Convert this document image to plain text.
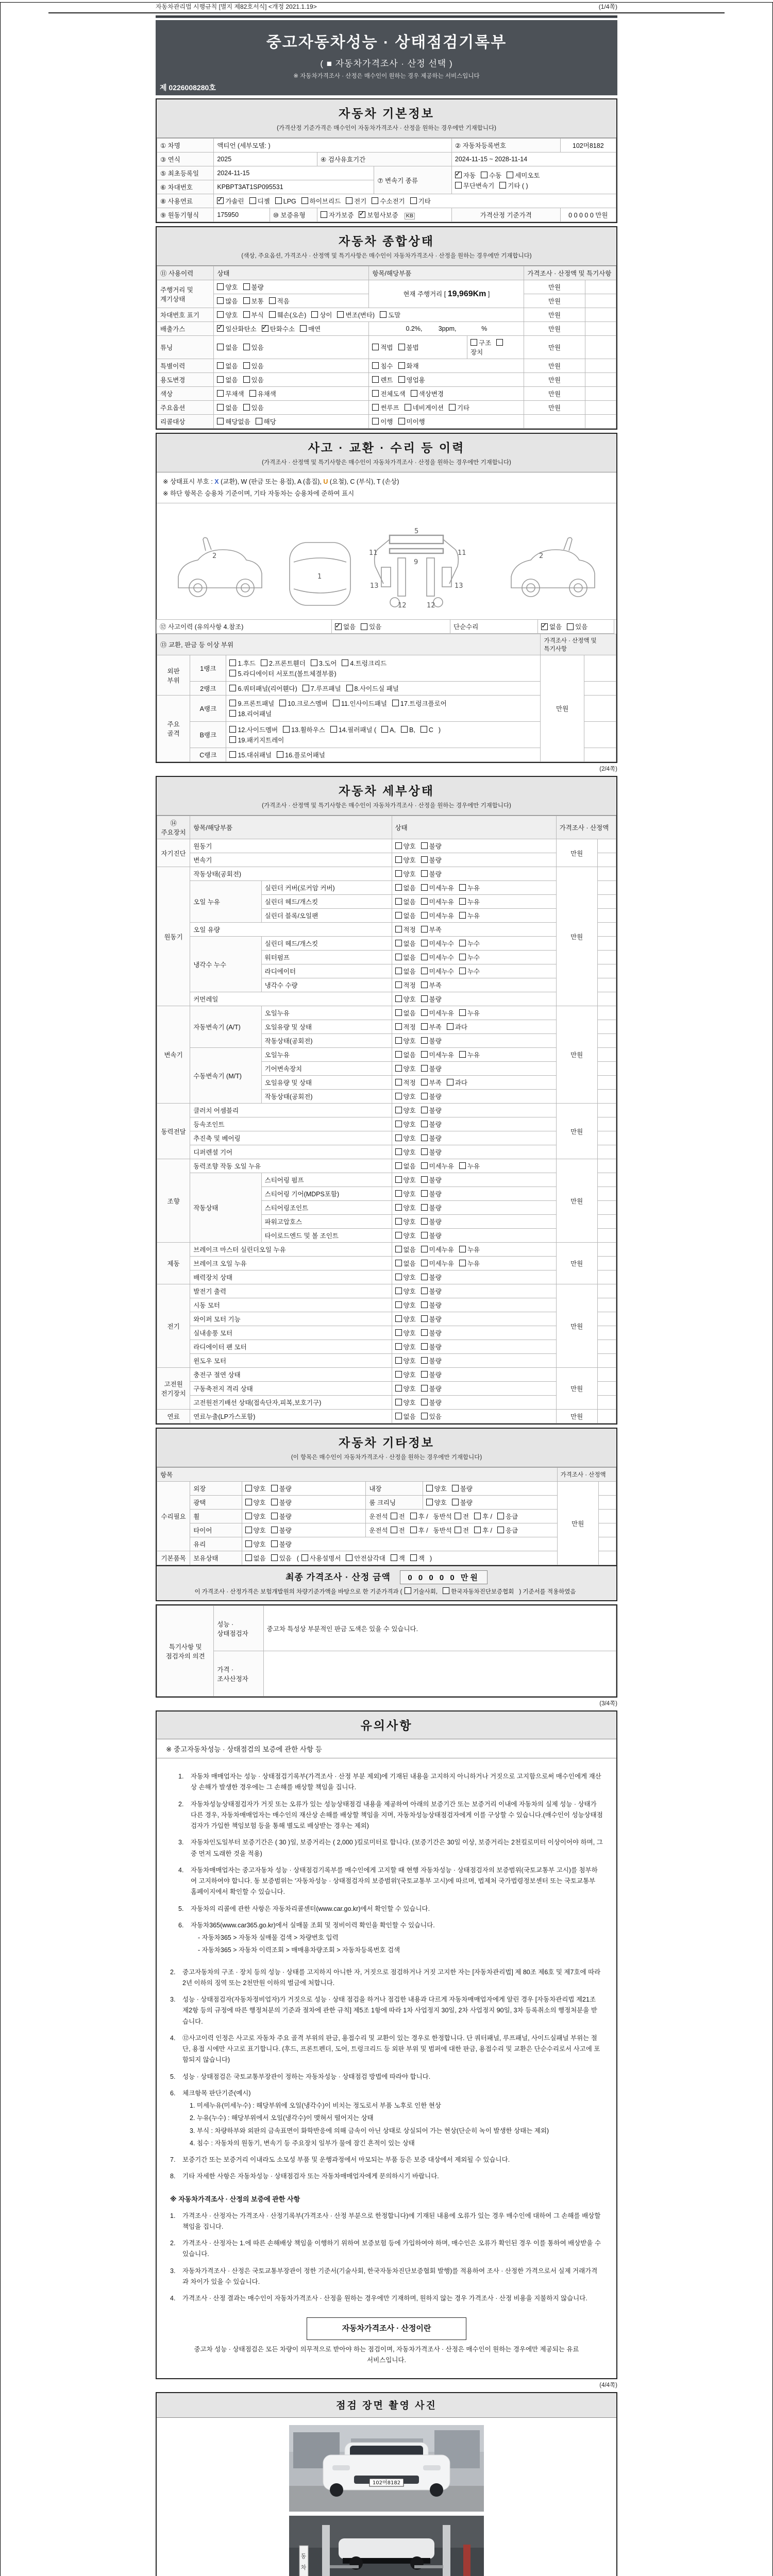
자동차관리법 시행규칙 [별지 제82호서식] <개정 2021.1.19>	(1/4쪽)
중고자동차성능 · 상태점검기록부
( ■ 자동차가격조사 · 산정 선택 )
※ 자동차가격조사 · 산정은 매수인이 원하는 경우 제공하는 서비스입니다
제 0226008280호
자동차 기본정보
(가격산정 기준가격은 매수인이 자동차가격조사 · 산정을 원하는 경우에만 기재합니다)
① 차명	액티언 (세부모델: )				② 자동차등록번호	102머8182
③ 연식	2025		④ 검사유효기간		2024-11-15 ~ 2028-11-14	
⑤ 최초등록일	2024-11-15			⑦ 변속기 종류	
✓자동 수동 세미오토
무단변속기 기타 ( )

⑥ 차대번호	KPBPT3AT1SP095531					
⑧ 사용연료	✓가솔린 디젤 LPG 하이브리드 전기 수소전기 기타
⑨ 원동기형식	175950	⑩ 보증유형	자가보증 ✓ 보험사보증 KB		가격산정 기준가격	0 0 0 0 0 만원
자동차 종합상태
(색상, 주요옵션, 가격조사 · 산정액 및 특기사항은 매수인이 자동차가격조사 · 산정을 원하는 경우에만 기재합니다)
⑪ 사용이력	상태	항목/해당부품		가격조사 · 산정액 및 특기사항	
주행거리 및 계기상태	양호 불량	현재 주행거리 [ 19,969Km ]		만원	
	많음 보통 적음			만원	
차대번호 표기	양호 부식 훼손(오손) 상이 변조(변타) 도말			만원	
배출가스	✓일산화탄소 ✓ 탄화수소 매연	0.2%,         3ppm,              %		만원	
튜닝	없음 있음	적법 불법	구조장치	만원	
특별이력	없음 있음	침수 화재		만원	
용도변경	없음 있음	렌트 영업용		만원	
색상	무채색 유채색	전체도색 색상변경		만원	
주요옵션	없음 있음	썬루프 네비게이션 기타		만원	
리콜대상	해당없음 해당	이행 미이행			
사고 · 교환 · 수리 등 이력
(가격조사 · 산정액 및 특기사항은 매수인이 자동차가격조사 · 산정을 원하는 경우에만 기재합니다)
※ 상태표시 부호 : X (교환), W (판금 또는 용접), A (흠집), U (요철), C (부식), T (손상)
※ 하단 항목은 승용차 기준이며, 기타 자동차는 승용차에 준하여 표시
2
1
5
9
11	11
12	12
13	13
2
⑫ 사고이력 (유의사항 4.참조) ✓	없음 있음	단순수리 ✓	없음 있음
⑬ 교환, 판금 등 이상 부위			가격조사 · 산정액 및 특기사항	
외판 부위	1랭크	1.후드 2.프론트휀더 3.도어 4.트렁크리드
5.라디에이터 서포트(볼트체결부품)	만원	
	2랭크	6.쿼터패널(리어휀다) 7.루프패널 8.사이드실 패널		
주요 골격	A랭크	9.프론트패널 10.크로스멤버 11.인사이드패널 17.트렁크플로어
18.리어패널		

	B랭크	12.사이드멤버 13.휠하우스 14.필러패널 ( A, B, C )
19.패키지트레이		

	C랭크	15.대쉬패널 16.플로어패널		
(2/4쪽)
자동차 세부상태
(가격조사 · 산정액 및 특기사항은 매수인이 자동차가격조사 · 산정을 원하는 경우에만 기재합니다)
⑭ 주요장치	항목/해당부품		상태	가격조사 · 산정액	
자기진단	원동기		양호 불량	만원	
	변속기		양호 불량		
원동기	작동상태(공회전)		양호 불량	만원	
	오일 누유	실린더 커버(로커암 커버)	없음 미세누유 누유		
		실린더 헤드/개스킷	없음 미세누유 누유		
		실린더 블록/오일팬	없음 미세누유 누유		
	오일 유량		적정 부족		
	냉각수 누수	실린더 헤드/개스킷	없음 미세누수 누수		
		워터펌프	없음 미세누수 누수		
		라디에이터	없음 미세누수 누수		
		냉각수 수량	적정 부족		
	커먼레일		양호 불량		
변속기	자동변속기 (A/T)	오일누유	없음 미세누유 누유	만원	
		오일유량 및 상태	적정 부족 과다		
		작동상태(공회전)	양호 불량		
	수동변속기 (M/T)	오일누유	없음 미세누유 누유		
		기어변속장치	양호 불량		
		오일유량 및 상태	적정 부족 과다		
		작동상태(공회전)	양호 불량		
동력전달	클러치 어셈블리		양호 불량	만원	
	등속조인트		양호 불량		
	추진축 및 베어링		양호 불량		
	디퍼렌셜 기어		양호 불량		
조향	동력조향 작동 오일 누유		없음 미세누유 누유	만원	
	작동상태	스티어링 펌프	양호 불량		
		스티어링 기어(MDPS포함)	양호 불량		
		스티어링조인트	양호 불량		
		파워고압호스	양호 불량		
		타이로드엔드 및 볼 조인트	양호 불량		
제동	브레이크 마스터 실린더오일 누유		없음 미세누유 누유	만원	
	브레이크 오일 누유		없음 미세누유 누유		
	배력장치 상태		양호 불량		
전기	발전기 출력		양호 불량	만원	
	시동 모터		양호 불량		
	와이퍼 모터 기능		양호 불량		
	실내송풍 모터		양호 불량		
	라디에이터 팬 모터		양호 불량		
	윈도우 모터		양호 불량		
고전원 전기장치	충전구 절연 상태		양호 불량	만원	
	구동축전지 격리 상태		양호 불량		
	고전원전기배선 상태(접속단자,피복,보호기구)		양호 불량		
연료	연료누출(LP가스포함)		없음 있음	만원	
자동차 기타정보
(이 항목은 매수인이 자동차가격조사 · 산정을 원하는 경우에만 기재합니다)
항목					가격조사 · 산정액	
수리필요	외장	양호 불량	내장	양호 불량	만원	
	광택	양호 불량	룸 크리닝	양호 불량		
	휠	양호 불량	운전석 전 후 / 동반석 전 후 / 응급			
	타이어	양호 불량	운전석 전 후 / 동반석 전 후 / 응급			
	유리	양호 불량				
기본품목	보유상태	없음 있음 ( 사용설명서 안전삼각대 잭 잭 )				
최종 가격조사 · 산정 금액 0 0 0 0 0 만원
이 가격조사 · 산정가격은 보험개발원의 차량기준가액을 바탕으로 한 기준가격과 ( 기술사회, 한국자동차진단보증협회 ) 기준서를 적용하였음
특기사항 및 점검자의 의견	성능 · 상태점검자	중고차 특성상 부분적인 판금 도색은 있을 수 있습니다.
	가격 · 조사산정자	
(3/4쪽)
유의사항
※ 중고자동차성능 · 상태점검의 보증에 관한 사항 등
1.	자동차 매매업자는 성능 · 상태점검기록부(가격조사 · 산정 부분 제외)에 기재된 내용을 고지하지 아니하거나 거짓으로 고지함으로써 매수인에게 재산상 손해가 발생한 경우에는 그 손해를 배상할 책임을 집니다.
2.	자동차성능상태점검자가 거짓 또는 오류가 있는 성능상태점검 내용을 제공하여 아래의 보증기간 또는 보증거리 이내에 자동차의 실제 성능 · 상태가 다른 경우, 자동차매매업자는 매수인의 재산상 손해를 배상할 책임을 지며, 자동차성능상태점검자에게 이를 구상할 수 있습니다.(매수인이 성능상태점검자가 가입한 책임보험 등을 통해 별도로 배상받는 경우는 제외)
3.	자동차인도일부터 보증기간은 ( 30 )일, 보증거리는 ( 2,000 )킬로미터로 합니다. (보증기간은 30일 이상, 보증거리는 2천킬로미터 이상이어야 하며, 그 중 먼저 도래한 것을 적용)
4.	자동차매매업자는 중고자동차 성능 · 상태점검기록부를 매수인에게 고지할 때 현행 자동차성능 · 상태점검자의 보증범위(국토교통부 고시)를 첨부하여 고지하여야 합니다. 동 보증범위는 '자동차성능 · 상태점검자의 보증범위'(국토교통부 고시)에 따르며, 법제처 국가법령정보센터 또는 국토교통부 홈페이지에서 확인할 수 있습니다.
5.	자동차의 리콜에 관한 사항은 자동차리콜센터(www.car.go.kr)에서 확인할 수 있습니다.
6.	자동차365(www.car365.go.kr)에서 실매물 조회 및 정비이력 확인을 확인할 수 있습니다.
- 자동차365 > 자동차 실매물 검색 > 차량번호 입력
- 자동차365 > 자동차 이력조회 > 매매용차량조회 > 자동차등록번호 검색
2.	중고자동차의 구조 · 장치 등의 성능 · 상태를 고지하지 아니한 자, 거짓으로 점검하거나 거짓 고지한 자는 [자동차관리법] 제 80조 제6호 및 제7호에 따라 2년 이하의 징역 또는 2천만원 이하의 벌금에 처합니다.
3.	성능 · 상태점검자(자동차정비업자)가 거짓으로 성능 · 상태 점검을 하거나 점검한 내용과 다르게 자동차매매업자에게 알린 경우 [자동차관리법 제21조 제2항 등의 규정에 따른 행정처분의 기준과 절차에 관한 규칙] 제5조 1항에 따라 1차 사업정지 30일, 2차 사업정지 90일, 3차 등록취소의 행정처분을 받습니다.
4.	⑫사고이력 인정은 사고로 자동차 주요 골격 부위의 판금, 용접수리 및 교환이 있는 경우로 한정합니다. 단 쿼터패널, 루프패널, 사이드실패널 부위는 절단, 용접 시에만 사고로 표기합니다. (후드, 프론트펜더, 도어, 트렁크리드 등 외판 부위 및 범퍼에 대한 판금, 용접수리 및 교환은 단순수리로서 사고에 포함되지 않습니다)
5.	성능 · 상태점검은 국토교통부장관이 정하는 자동차성능 · 상태점검 방법에 따라야 합니다.
6.	체크항목 판단기준(예시)
1. 미세누유(미세누수) : 해당부위에 오일(냉각수)이 비치는 정도로서 부품 노후로 인한 현상
2. 누유(누수) : 해당부위에서 오일(냉각수)이 맺혀서 떨어지는 상태
3. 부식 : 차량하부와 외판의 금속표면이 화학반응에 의해 금속이 아닌 상태로 상실되어 가는 현상(단순히 녹이 발생한 상태는 제외)
4. 침수 : 자동차의 원동기, 변속기 등 주요장치 일부가 물에 잠긴 흔적이 있는 상태
7.	보증기간 또는 보증거리 이내라도 소모성 부품 및 운행과정에서 마모되는 부품 등은 보증 대상에서 제외될 수 있습니다.
8.	기타 자세한 사항은 자동차성능 · 상태점검자 또는 자동차매매업자에게 문의하시기 바랍니다.
※ 자동차가격조사 · 산정의 보증에 관한 사항
1.	가격조사 · 산정자는 가격조사 · 산정기록부(가격조사 · 산정 부분으로 한정합니다)에 기재된 내용에 오류가 있는 경우 매수인에 대하여 그 손해를 배상할 책임을 집니다.
2.	가격조사 · 산정자는 1.에 따른 손해배상 책임을 이행하기 위하여 보증보험 등에 가입하여야 하며, 매수인은 오류가 확인된 경우 이를 통하여 배상받을 수 있습니다.
3.	자동차가격조사 · 산정은 국토교통부장관이 정한 기준서(기술사회, 한국자동차진단보증협회 발행)를 적용하여 조사 · 산정한 가격으로서 실제 거래가격과 차이가 있을 수 있습니다.
4.	가격조사 · 산정 결과는 매수인이 자동차가격조사 · 산정을 원하는 경우에만 기재하며, 원하지 않는 경우 가격조사 · 산정 비용을 지불하지 않습니다.
자동차가격조사 · 산정이란
중고차 성능 · 상태점검은 모든 차량이 의무적으로 받아야 하는 점검이며, 자동차가격조사 · 산정은 매수인이 원하는 경우에만 제공되는 유료 서비스입니다.
(4/4쪽)
점검 장면 촬영 사진
102머8182
동
차
